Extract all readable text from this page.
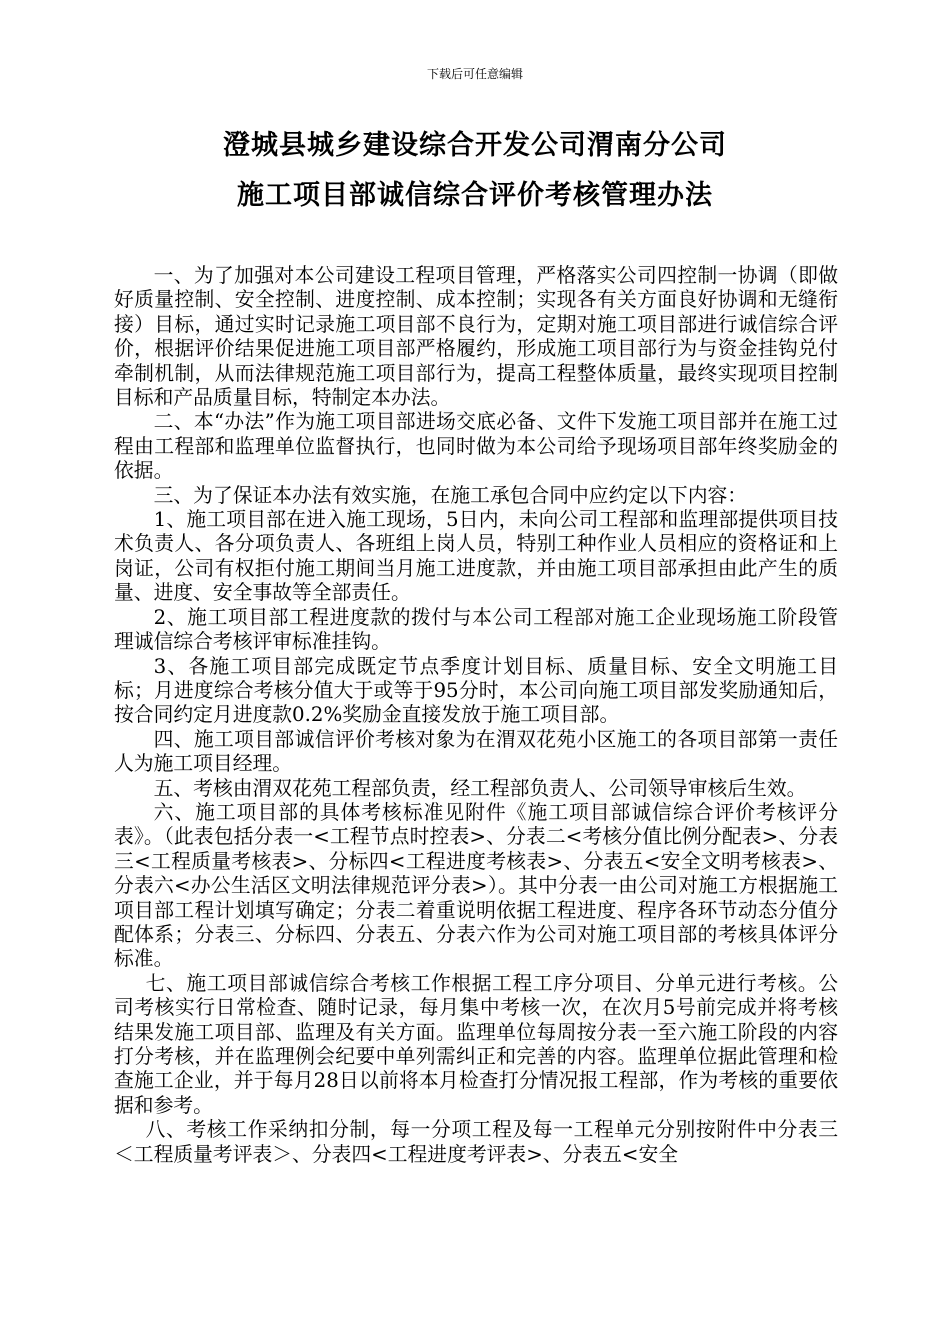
下载后可任意编辑
澄城县城乡建设综合开发公司渭南分公司
施工项目部诚信综合评价考核管理办法

一、为了加强对本公司建设工程项目管理，严格落实公司四控制一协调（即做好质量控制、安全控制、进度控制、成本控制；实现各有关方面良好协调和无缝衔接）目标，通过实时记录施工项目部不良行为，定期对施工项目部进行诚信综合评价，根据评价结果促进施工项目部严格履约，形成施工项目部行为与资金挂钩兑付牵制机制，从而法律规范施工项目部行为，提高工程整体质量，最终实现项目控制目标和产品质量目标，特制定本办法。

二、本“办法”作为施工项目部进场交底必备、文件下发施工项目部并在施工过程由工程部和监理单位监督执行，也同时做为本公司给予现场项目部年终奖励金的依据。

三、为了保证本办法有效实施，在施工承包合同中应约定以下内容：

1、施工项目部在进入施工现场，5日内，未向公司工程部和监理部提供项目技术负责人、各分项负责人、各班组上岗人员，特别工种作业人员相应的资格证和上岗证，公司有权拒付施工期间当月施工进度款，并由施工项目部承担由此产生的质量、进度、安全事故等全部责任。

2、施工项目部工程进度款的拨付与本公司工程部对施工企业现场施工阶段管理诚信综合考核评审标准挂钩。

3、各施工项目部完成既定节点季度计划目标、质量目标、安全文明施工目标；月进度综合考核分值大于或等于95分时，本公司向施工项目部发奖励通知后，按合同约定月进度款0.2%奖励金直接发放于施工项目部。

四、施工项目部诚信评价考核对象为在渭双花苑小区施工的各项目部第一责任人为施工项目经理。

五、考核由渭双花苑工程部负责，经工程部负责人、公司领导审核后生效。

六、施工项目部的具体考核标准见附件《施工项目部诚信综合评价考核评分表》。（此表包括分表一<工程节点时控表>、分表二<考核分值比例分配表>、分表三<工程质量考核表>、分标四<工程进度考核表>、分表五<安全文明考核表>、分表六<办公生活区文明法律规范评分表>）。其中分表一由公司对施工方根据施工项目部工程计划填写确定；分表二着重说明依据工程进度、程序各环节动态分值分配体系；分表三、分标四、分表五、分表六作为公司对施工项目部的考核具体评分标准。

七、施工项目部诚信综合考核工作根据工程工序分项目、分单元进行考核。公司考核实行日常检查、随时记录，每月集中考核一次，在次月5号前完成并将考核结果发施工项目部、监理及有关方面。监理单位每周按分表一至六施工阶段的内容打分考核，并在监理例会纪要中单列需纠正和完善的内容。监理单位据此管理和检查施工企业，并于每月28日以前将本月检查打分情况报工程部，作为考核的重要依据和参考。

八、考核工作采纳扣分制，每一分项工程及每一工程单元分别按附件中分表三＜工程质量考评表＞、分表四<工程进度考评表>、分表五<安全
